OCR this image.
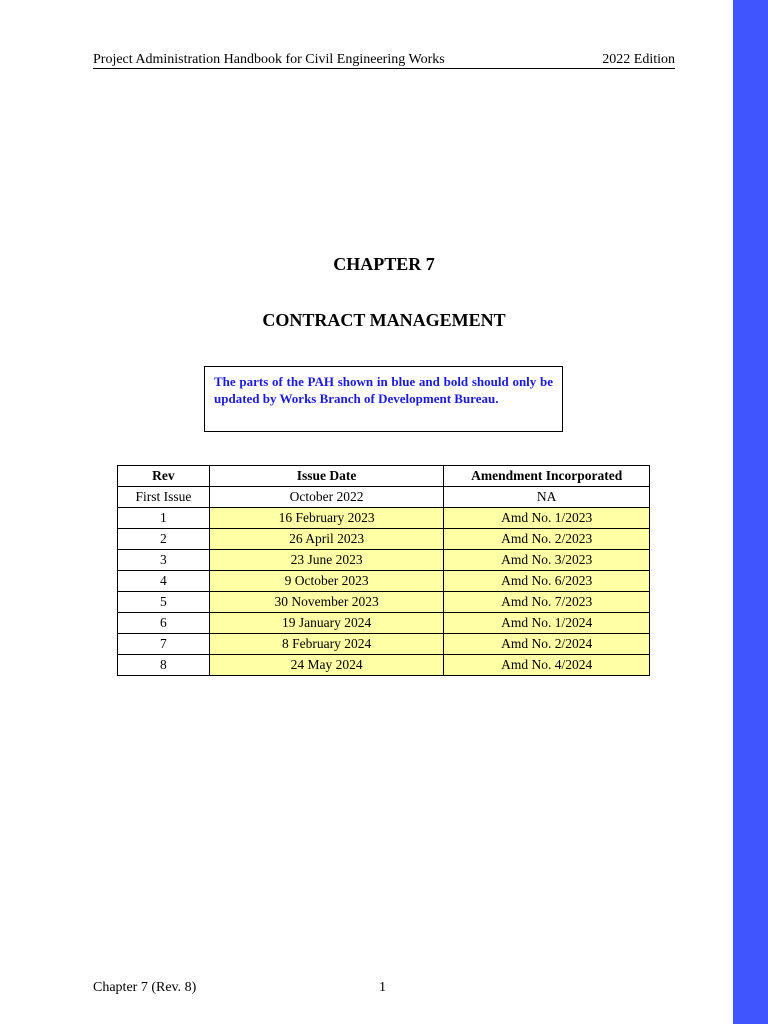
Project Administration Handbook for Civil Engineering Works	2022 Edition
CHAPTER 7
CONTRACT MANAGEMENT
The parts of the PAH shown in blue and bold should only be updated by Works Branch of Development Bureau.
Rev	Issue Date	Amendment Incorporated
First Issue	October 2022	NA
1	16 February 2023	Amd No. 1/2023
2	26 April 2023	Amd No. 2/2023
3	23 June 2023	Amd No. 3/2023
4	9 October 2023	Amd No. 6/2023
5	30 November 2023	Amd No. 7/2023
6	19 January 2024	Amd No. 1/2024
7	8 February 2024	Amd No. 2/2024
8	24 May 2024	Amd No. 4/2024
Chapter 7 (Rev. 8)	1
